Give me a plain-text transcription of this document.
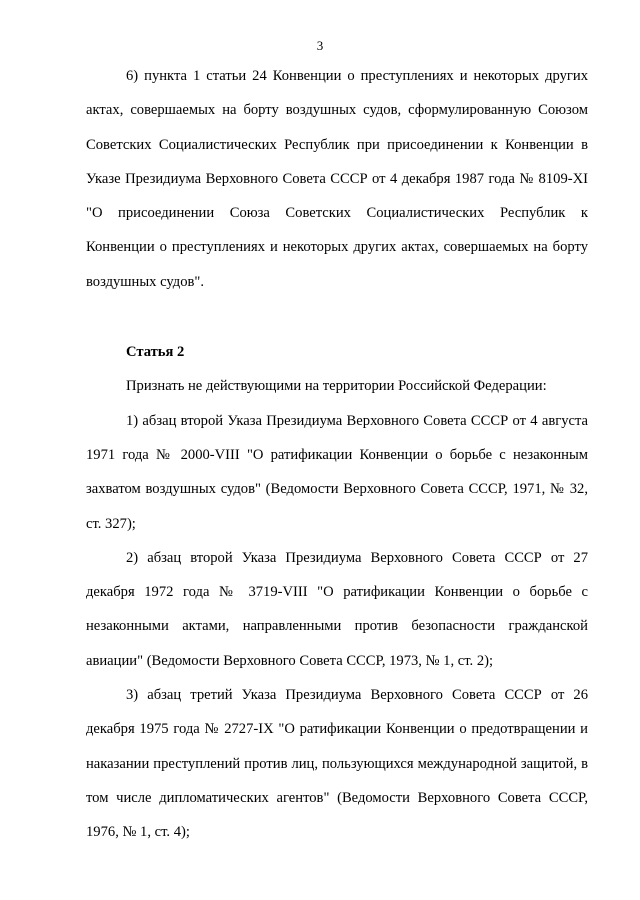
3

6) пункта 1 статьи 24 Конвенции о преступлениях и некоторых других актах, совершаемых на борту воздушных судов, сформулированную Союзом Советских Социалистических Республик при присоединении к Конвенции в Указе Президиума Верховного Совета СССР от 4 декабря 1987 года № 8109-XI "О присоединении Союза Советских Социалистических Республик к Конвенции о преступлениях и некоторых других актах, совершаемых на борту воздушных судов".

Статья 2

Признать не действующими на территории Российской Федерации:

1) абзац второй Указа Президиума Верховного Совета СССР от 4 августа 1971 года № 2000-VIII "О ратификации Конвенции о борьбе с незаконным захватом воздушных судов" (Ведомости Верховного Совета СССР, 1971, № 32, ст. 327);

2) абзац второй Указа Президиума Верховного Совета СССР от 27 декабря 1972 года № 3719-VIII "О ратификации Конвенции о борьбе с незаконными актами, направленными против безопасности гражданской авиации" (Ведомости Верховного Совета СССР, 1973, № 1, ст. 2);

3) абзац третий Указа Президиума Верховного Совета СССР от 26 декабря 1975 года № 2727-IX "О ратификации Конвенции о предотвращении и наказании преступлений против лиц, пользующихся международной защитой, в том числе дипломатических агентов" (Ведомости Верховного Совета СССР, 1976, № 1, ст. 4);
